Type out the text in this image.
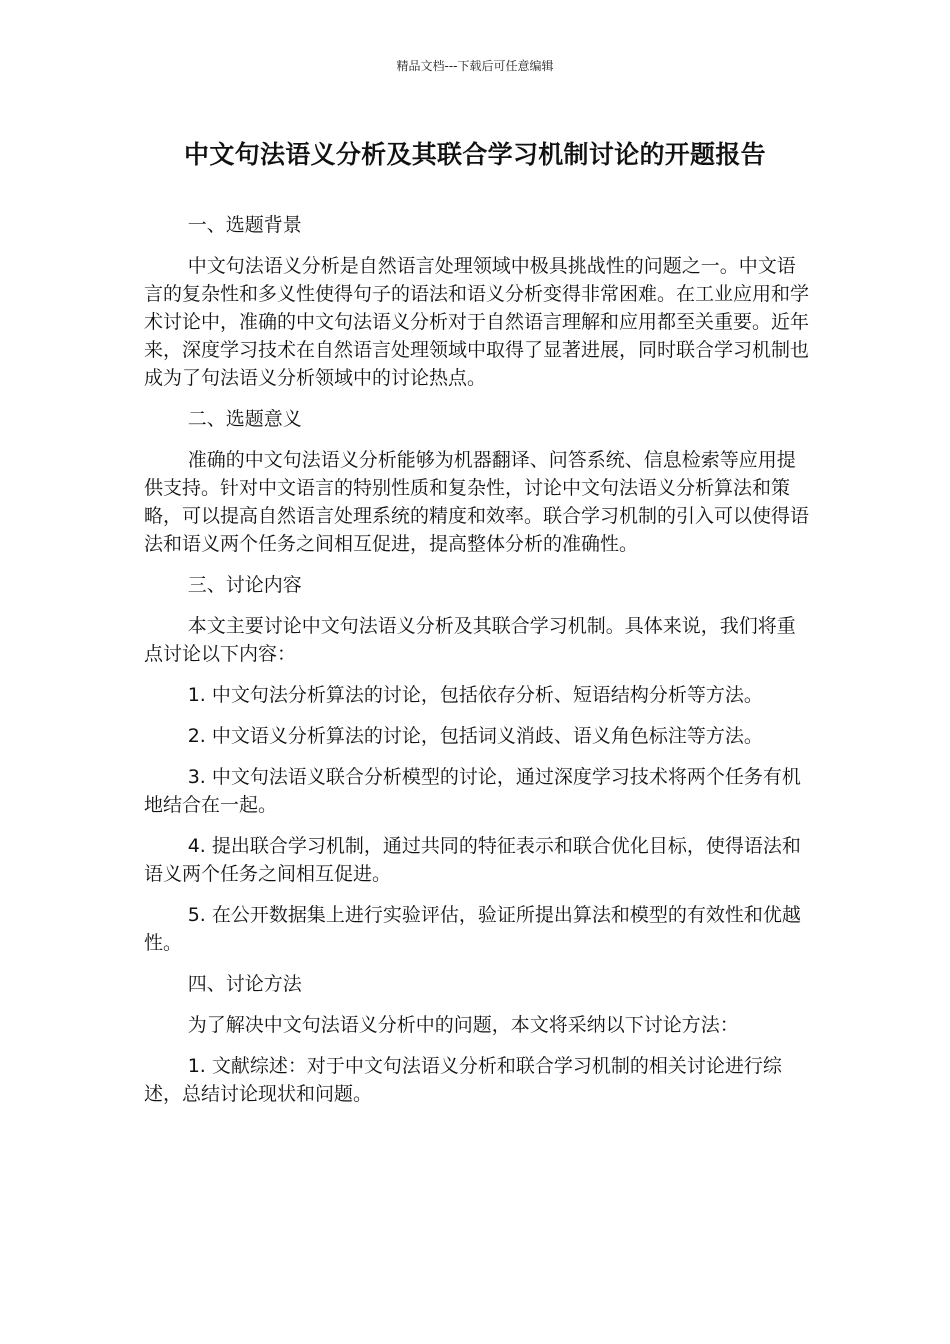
精品文档---下载后可任意编辑
中文句法语义分析及其联合学习机制讨论的开题报告

一、选题背景

中文句法语义分析是自然语言处理领域中极具挑战性的问题之一。中文语言的复杂性和多义性使得句子的语法和语义分析变得非常困难。在工业应用和学术讨论中，准确的中文句法语义分析对于自然语言理解和应用都至关重要。近年来，深度学习技术在自然语言处理领域中取得了显著进展，同时联合学习机制也成为了句法语义分析领域中的讨论热点。

二、选题意义

准确的中文句法语义分析能够为机器翻译、问答系统、信息检索等应用提供支持。针对中文语言的特别性质和复杂性，讨论中文句法语义分析算法和策略，可以提高自然语言处理系统的精度和效率。联合学习机制的引入可以使得语法和语义两个任务之间相互促进，提高整体分析的准确性。

三、讨论内容

本文主要讨论中文句法语义分析及其联合学习机制。具体来说，我们将重点讨论以下内容：

1. 中文句法分析算法的讨论，包括依存分析、短语结构分析等方法。

2. 中文语义分析算法的讨论，包括词义消歧、语义角色标注等方法。

3. 中文句法语义联合分析模型的讨论，通过深度学习技术将两个任务有机地结合在一起。

4. 提出联合学习机制，通过共同的特征表示和联合优化目标，使得语法和语义两个任务之间相互促进。

5. 在公开数据集上进行实验评估，验证所提出算法和模型的有效性和优越性。

四、讨论方法

为了解决中文句法语义分析中的问题，本文将采纳以下讨论方法：

1. 文献综述：对于中文句法语义分析和联合学习机制的相关讨论进行综述，总结讨论现状和问题。
